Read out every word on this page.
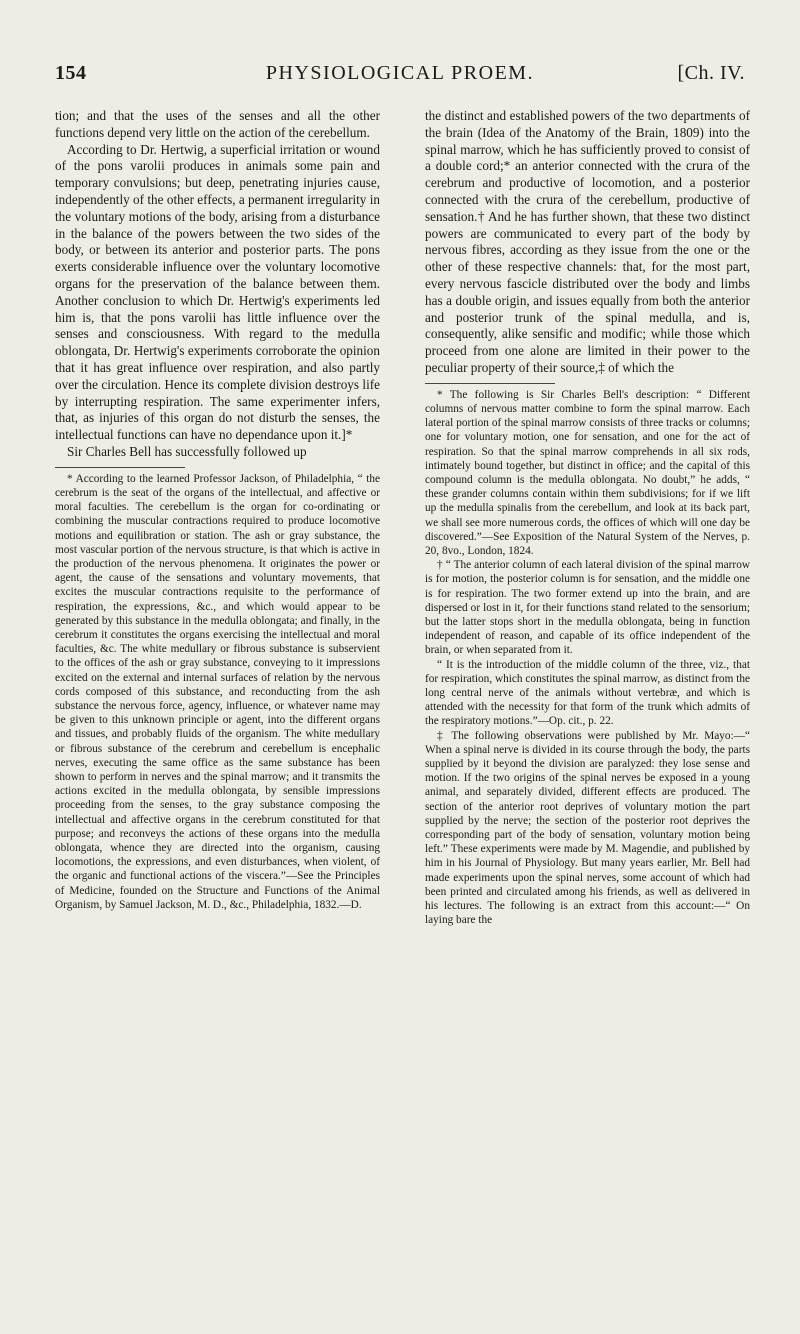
154	PHYSIOLOGICAL PROEM.	[Ch. IV.

tion; and that the uses of the senses and all the other functions depend very little on the action of the cerebellum.

According to Dr. Hertwig, a superficial irritation or wound of the pons varolii produces in animals some pain and temporary convulsions; but deep, penetrating injuries cause, independently of the other effects, a permanent irregularity in the voluntary motions of the body, arising from a disturbance in the balance of the powers between the two sides of the body, or between its anterior and posterior parts. The pons exerts considerable influence over the voluntary locomotive organs for the preservation of the balance between them. Another conclusion to which Dr. Hertwig's experiments led him is, that the pons varolii has little influence over the senses and consciousness. With regard to the medulla oblongata, Dr. Hertwig's experiments corroborate the opinion that it has great influence over respiration, and also partly over the circulation. Hence its complete division destroys life by interrupting respiration. The same experimenter infers, that, as injuries of this organ do not disturb the senses, the intellectual functions can have no dependance upon it.]*

Sir Charles Bell has successfully followed up

* According to the learned Professor Jackson, of Philadelphia, “ the cerebrum is the seat of the organs of the intellectual, and affective or moral faculties. The cerebellum is the organ for co-ordinating or combining the muscular contractions required to produce locomotive motions and equilibration or station. The ash or gray substance, the most vascular portion of the nervous structure, is that which is active in the production of the nervous phenomena. It originates the power or agent, the cause of the sensations and voluntary movements, that excites the muscular contractions requisite to the performance of respiration, the expressions, &c., and which would appear to be generated by this substance in the medulla oblongata; and finally, in the cerebrum it constitutes the organs exercising the intellectual and moral faculties, &c. The white medullary or fibrous substance is subservient to the offices of the ash or gray substance, conveying to it impressions excited on the external and internal surfaces of relation by the nervous cords composed of this substance, and reconducting from the ash substance the nervous force, agency, influence, or whatever name may be given to this unknown principle or agent, into the different organs and tissues, and probably fluids of the organism. The white medullary or fibrous substance of the cerebrum and cerebellum is encephalic nerves, executing the same office as the same substance has been shown to perform in nerves and the spinal marrow; and it transmits the actions excited in the medulla oblongata, by sensible impressions proceeding from the senses, to the gray substance composing the intellectual and affective organs in the cerebrum constituted for that purpose; and reconveys the actions of these organs into the medulla oblongata, whence they are directed into the organism, causing locomotions, the expressions, and even disturbances, when violent, of the organic and functional actions of the viscera.”—See the Principles of Medicine, founded on the Structure and Functions of the Animal Organism, by Samuel Jackson, M. D., &c., Philadelphia, 1832.—D.

the distinct and established powers of the two departments of the brain (Idea of the Anatomy of the Brain, 1809) into the spinal marrow, which he has sufficiently proved to consist of a double cord;* an anterior connected with the crura of the cerebrum and productive of locomotion, and a posterior connected with the crura of the cerebellum, productive of sensation.† And he has further shown, that these two distinct powers are communicated to every part of the body by nervous fibres, according as they issue from the one or the other of these respective channels: that, for the most part, every nervous fascicle distributed over the body and limbs has a double origin, and issues equally from both the anterior and posterior trunk of the spinal medulla, and is, consequently, alike sensific and modific; while those which proceed from one alone are limited in their power to the peculiar property of their source,‡ of which the

* The following is Sir Charles Bell's description: “ Different columns of nervous matter combine to form the spinal marrow. Each lateral portion of the spinal marrow consists of three tracks or columns; one for voluntary motion, one for sensation, and one for the act of respiration. So that the spinal marrow comprehends in all six rods, intimately bound together, but distinct in office; and the capital of this compound column is the medulla oblongata. No doubt,” he adds, “ these grander columns contain within them subdivisions; for if we lift up the medulla spinalis from the cerebellum, and look at its back part, we shall see more numerous cords, the offices of which will one day be discovered.”—See Exposition of the Natural System of the Nerves, p. 20, 8vo., London, 1824.

† “ The anterior column of each lateral division of the spinal marrow is for motion, the posterior column is for sensation, and the middle one is for respiration. The two former extend up into the brain, and are dispersed or lost in it, for their functions stand related to the sensorium; but the latter stops short in the medulla oblongata, being in function independent of reason, and capable of its office independent of the brain, or when separated from it.

“ It is the introduction of the middle column of the three, viz., that for respiration, which constitutes the spinal marrow, as distinct from the long central nerve of the animals without vertebræ, and which is attended with the necessity for that form of the trunk which admits of the respiratory motions.”—Op. cit., p. 22.

‡ The following observations were published by Mr. Mayo:—“ When a spinal nerve is divided in its course through the body, the parts supplied by it beyond the division are paralyzed: they lose sense and motion. If the two origins of the spinal nerves be exposed in a young animal, and separately divided, different effects are produced. The section of the anterior root deprives of voluntary motion the part supplied by the nerve; the section of the posterior root deprives the corresponding part of the body of sensation, voluntary motion being left.” These experiments were made by M. Magendie, and published by him in his Journal of Physiology. But many years earlier, Mr. Bell had made experiments upon the spinal nerves, some account of which had been printed and circulated among his friends, as well as delivered in his lectures. The following is an extract from this account:—“ On laying bare the
